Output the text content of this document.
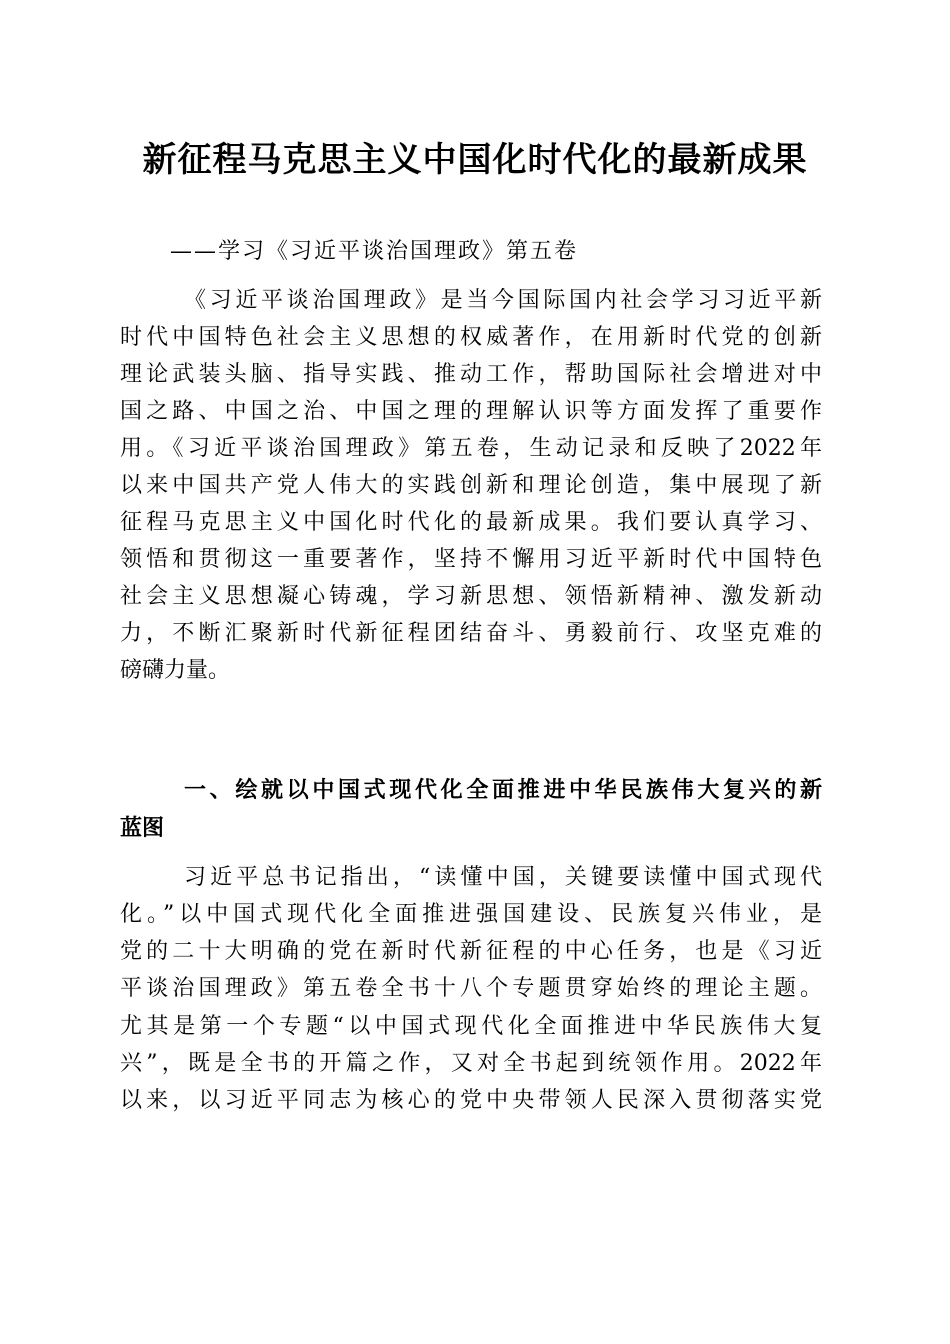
新征程马克思主义中国化时代化的最新成果
——学习《习近平谈治国理政》第五卷
《习近平谈治国理政》是当今国际国内社会学习习近平新
时代中国特色社会主义思想的权威著作，在用新时代党的创新
理论武装头脑、指导实践、推动工作，帮助国际社会增进对中
国之路、中国之治、中国之理的理解认识等方面发挥了重要作
用。《习近平谈治国理政》第五卷，生动记录和反映了2022年
以来中国共产党人伟大的实践创新和理论创造，集中展现了新
征程马克思主义中国化时代化的最新成果。我们要认真学习、
领悟和贯彻这一重要著作，坚持不懈用习近平新时代中国特色
社会主义思想凝心铸魂，学习新思想、领悟新精神、激发新动
力，不断汇聚新时代新征程团结奋斗、勇毅前行、攻坚克难的
磅礴力量。
一、绘就以中国式现代化全面推进中华民族伟大复兴的新
蓝图
习近平总书记指出，“读懂中国，关键要读懂中国式现代
化。”以中国式现代化全面推进强国建设、民族复兴伟业，是
党的二十大明确的党在新时代新征程的中心任务，也是《习近
平谈治国理政》第五卷全书十八个专题贯穿始终的理论主题。
尤其是第一个专题“以中国式现代化全面推进中华民族伟大复
兴”，既是全书的开篇之作，又对全书起到统领作用。2022年
以来，以习近平同志为核心的党中央带领人民深入贯彻落实党
